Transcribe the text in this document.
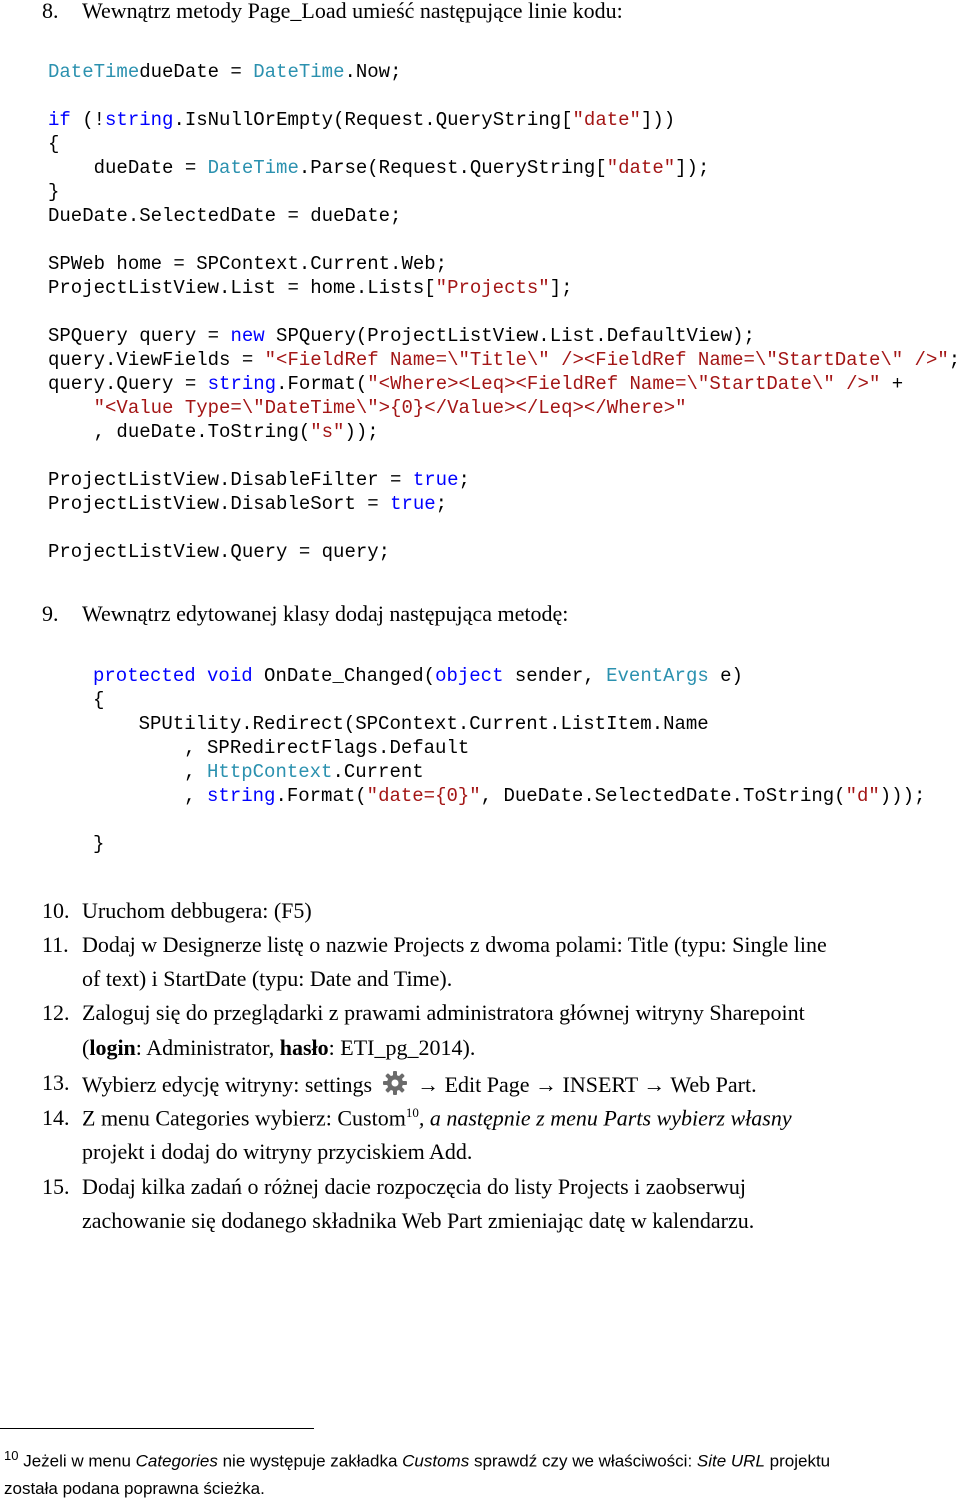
8. Wewnątrz metody Page_Load umieść następujące linie kodu:
DateTimedueDate = DateTime.Now;
if (!string.IsNullOrEmpty(Request.QueryString["date"]))
{
dueDate = DateTime.Parse(Request.QueryString["date"]);
}
DueDate.SelectedDate = dueDate;
SPWeb home = SPContext.Current.Web;
ProjectListView.List = home.Lists["Projects"];
SPQuery query = new SPQuery(ProjectListView.List.DefaultView);
query.ViewFields = "<FieldRef Name=\"Title\" /><FieldRef Name=\"StartDate\" />";
query.Query = string.Format("<Where><Leq><FieldRef Name=\"StartDate\" />" +
"<Value Type=\"DateTime\">{0}</Value></Leq></Where>"
, dueDate.ToString("s"));
ProjectListView.DisableFilter = true;
ProjectListView.DisableSort = true;
ProjectListView.Query = query;
9. Wewnątrz edytowanej klasy dodaj następująca metodę:
protected void OnDate_Changed(object sender, EventArgs e)
{
SPUtility.Redirect(SPContext.Current.ListItem.Name
, SPRedirectFlags.Default
, HttpContext.Current
, string.Format("date={0}", DueDate.SelectedDate.ToString("d")));
}
10. Uruchom debbugera: (F5)
11. Dodaj w Designerze listę o nazwie Projects z dwoma polami: Title (typu: Single line
of text) i StartDate (typu: Date and Time).
12. Zaloguj się do przeglądarki z prawami administratora głównej witryny Sharepoint
(login: Administrator, hasło: ETI_pg_2014).
13. Wybierz edycję witryny: settings → Edit Page → INSERT → Web Part.
14. Z menu Categories wybierz: Custom$^{10}$, a następnie z menu Parts wybierz własny
projekt i dodaj do witryny przyciskiem Add.
15. Dodaj kilka zadań o różnej dacie rozpoczęcia do listy Projects i zaobserwuj
zachowanie się dodanego składnika Web Part zmieniając datę w kalendarzu.
$^{10}$ Jeżeli w menu Categories nie występuje zakładka Customs sprawdź czy we właściwości: Site URL projektu
została podana poprawna ścieżka.
